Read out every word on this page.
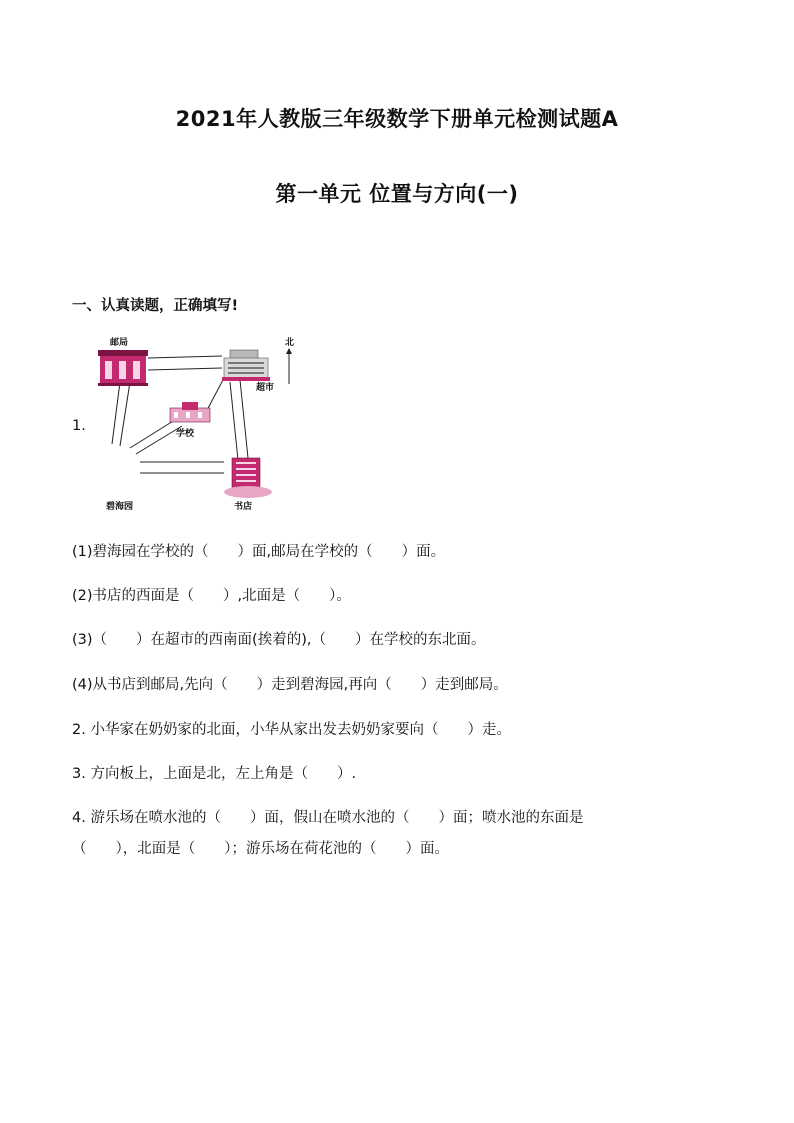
2021年人教版三年级数学下册单元检测试题A
第一单元 位置与方向(一)
一、认真读题，正确填写!
1.
北
邮局
超市
学校
书店
碧海园
(1)碧海园在学校的（　　）面,邮局在学校的（　　）面。
(2)书店的西面是（　　）,北面是（　　）。
(3)（　　）在超市的西南面(挨着的),（　　）在学校的东北面。
(4)从书店到邮局,先向（　　）走到碧海园,再向（　　）走到邮局。
2. 小华家在奶奶家的北面，小华从家出发去奶奶家要向（　　）走。
3. 方向板上，上面是北，左上角是（　　）.
4. 游乐场在喷水池的（　　）面，假山在喷水池的（　　）面；喷水池的东面是
（　　），北面是（　　）；游乐场在荷花池的（　　）面。
